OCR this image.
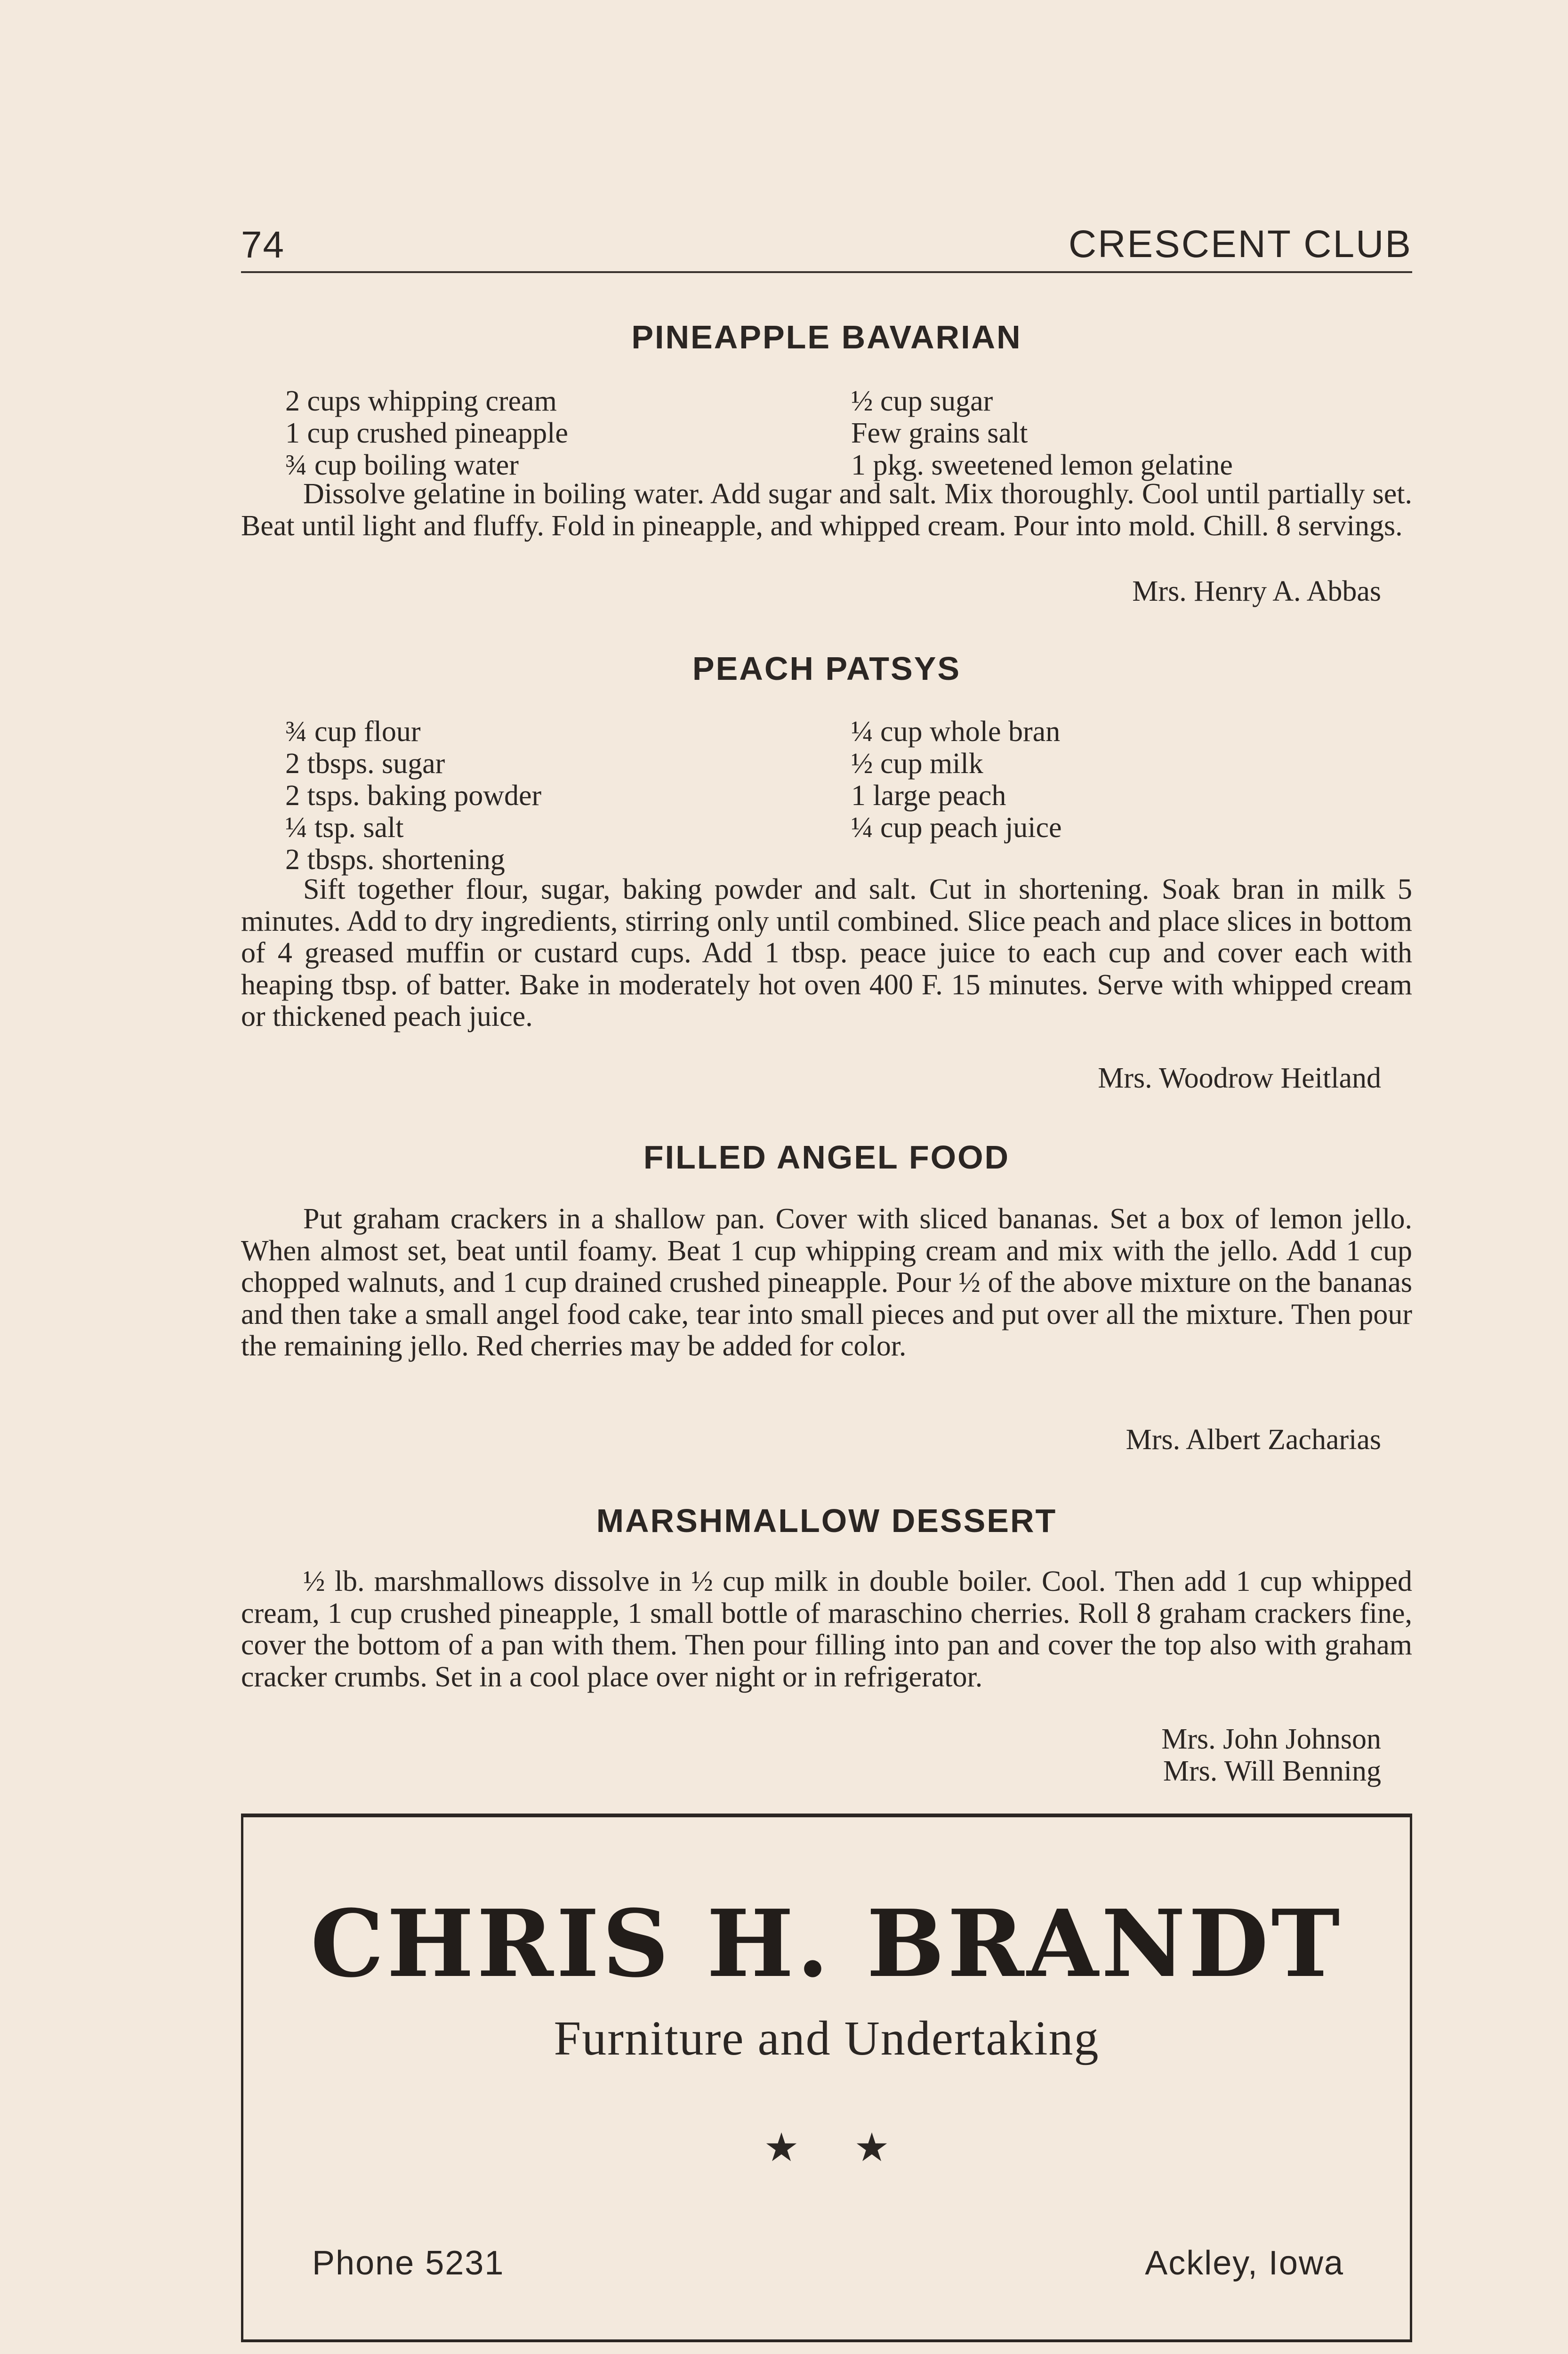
74	CRESCENT CLUB
PINEAPPLE BAVARIAN
2 cups whipping cream
1 cup crushed pineapple
¾ cup boiling water
½ cup sugar
Few grains salt
1 pkg. sweetened lemon gelatine

Dissolve gelatine in boiling water. Add sugar and salt. Mix thoroughly. Cool until partially set. Beat until light and fluffy. Fold in pineapple, and whipped cream. Pour into mold. Chill. 8 servings.

Mrs. Henry A. Abbas
PEACH PATSYS
¾ cup flour
2 tbsps. sugar
2 tsps. baking powder
¼ tsp. salt
2 tbsps. shortening
¼ cup whole bran
½ cup milk
1 large peach
¼ cup peach juice

Sift together flour, sugar, baking powder and salt. Cut in shortening. Soak bran in milk 5 minutes. Add to dry ingredients, stirring only until combined. Slice peach and place slices in bottom of 4 greased muffin or custard cups. Add 1 tbsp. peace juice to each cup and cover each with heaping tbsp. of batter. Bake in moderately hot oven 400 F. 15 minutes. Serve with whipped cream or thickened peach juice.

Mrs. Woodrow Heitland
FILLED ANGEL FOOD

Put graham crackers in a shallow pan. Cover with sliced bananas. Set a box of lemon jello. When almost set, beat until foamy. Beat 1 cup whipping cream and mix with the jello. Add 1 cup chopped walnuts, and 1 cup drained crushed pineapple. Pour ½ of the above mixture on the bananas and then take a small angel food cake, tear into small pieces and put over all the mixture. Then pour the remaining jello. Red cherries may be added for color.

Mrs. Albert Zacharias
MARSHMALLOW DESSERT

½ lb. marshmallows dissolve in ½ cup milk in double boiler. Cool. Then add 1 cup whipped cream, 1 cup crushed pineapple, 1 small bottle of maraschino cherries. Roll 8 graham crackers fine, cover the bottom of a pan with them. Then pour filling into pan and cover the top also with graham cracker crumbs. Set in a cool place over night or in refrigerator.

Mrs. John Johnson
Mrs. Will Benning
CHRIS H. BRANDT
Furniture and Undertaking
★ ★
Phone 5231	Ackley, Iowa
